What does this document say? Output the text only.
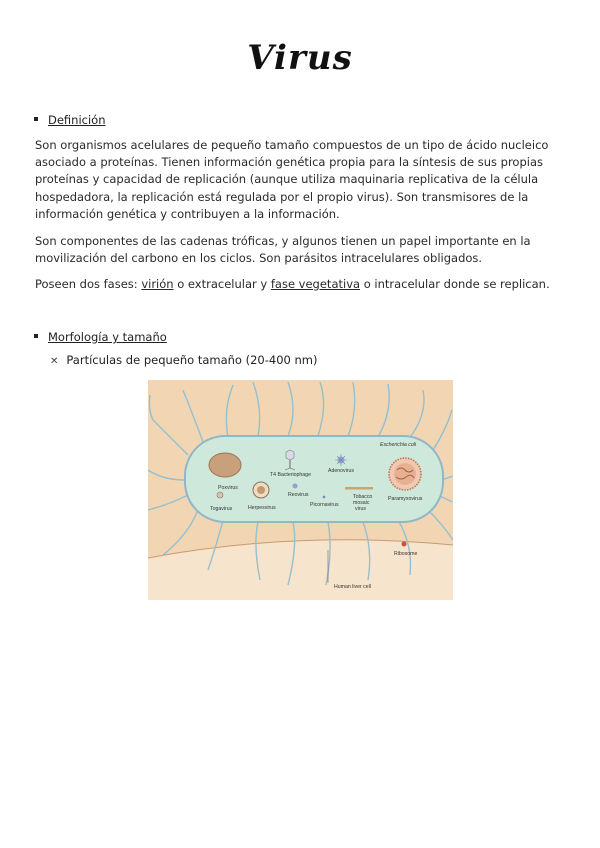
Virus
Definición

Son organismos acelulares de pequeño tamaño compuestos de un tipo de ácido nucleico asociado a proteínas. Tienen información genética propia para la síntesis de sus propias proteínas y capacidad de replicación (aunque utiliza maquinaria replicativa de la célula hospedadora, la replicación está regulada por el propio virus). Son transmisores de la información genética y contribuyen a la información.

Son componentes de las cadenas tróficas, y algunos tienen un papel importante en la movilización del carbono en los ciclos. Son parásitos intracelulares obligados.

Poseen dos fases: virión o extracelular y fase vegetativa o intracelular donde se replican.

Morfología y tamaño
✕ Partículas de pequeño tamaño (20-400 nm)
Escherichia coli
Poxvirus
T4 Bacteriophage
Adenovirus
Togavirus	Herpesvirus
Reovirus
Picornavirus
Tobacco
mosaic
virus
Paramyxovirus
Ribosome
Human liver cell
